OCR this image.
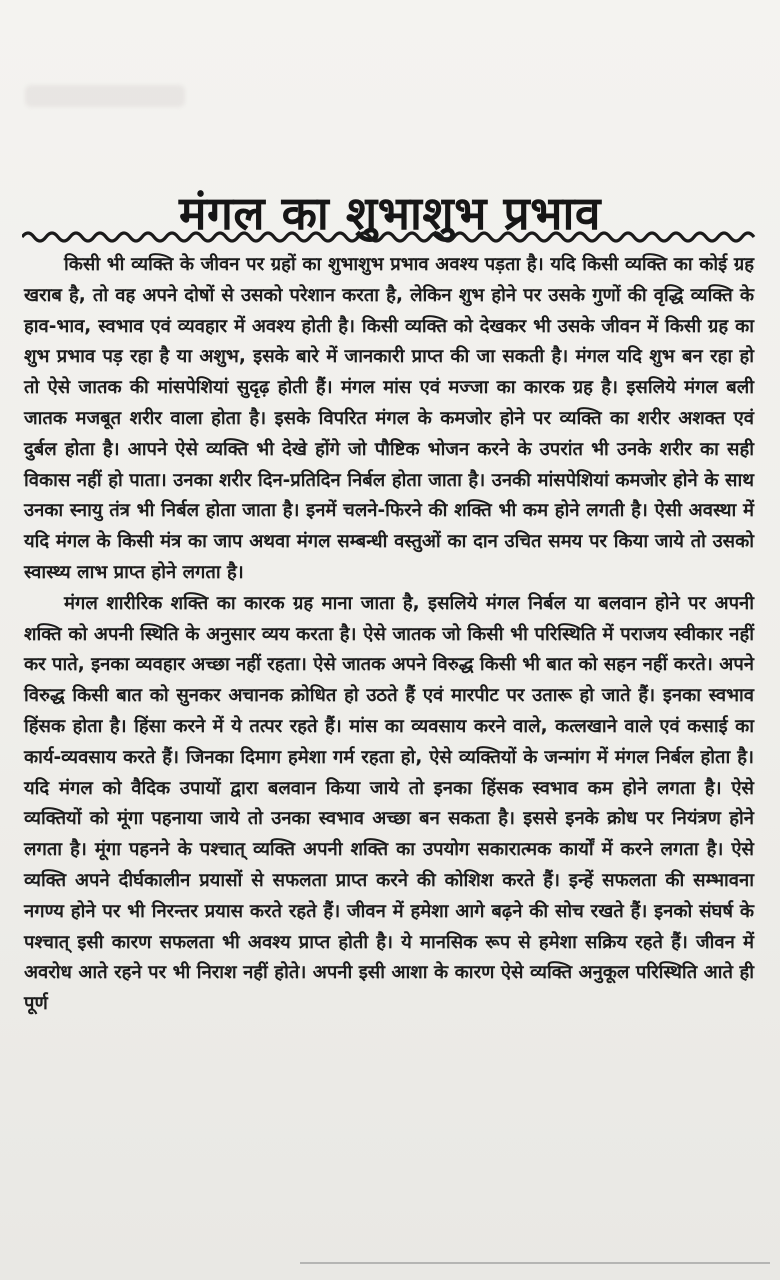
मंगल का शुभाशुभ प्रभाव

किसी भी व्यक्ति के जीवन पर ग्रहों का शुभाशुभ प्रभाव अवश्य पड़ता है। यदि किसी व्यक्ति का कोई ग्रह खराब है, तो वह अपने दोषों से उसको परेशान करता है, लेकिन शुभ होने पर उसके गुणों की वृद्धि व्यक्ति के हाव-भाव, स्वभाव एवं व्यवहार में अवश्य होती है। किसी व्यक्ति को देखकर भी उसके जीवन में किसी ग्रह का शुभ प्रभाव पड़ रहा है या अशुभ, इसके बारे में जानकारी प्राप्त की जा सकती है। मंगल यदि शुभ बन रहा हो तो ऐसे जातक की मांसपेशियां सुदृढ़ होती हैं। मंगल मांस एवं मज्जा का कारक ग्रह है। इसलिये मंगल बली जातक मजबूत शरीर वाला होता है। इसके विपरित मंगल के कमजोर होने पर व्यक्ति का शरीर अशक्त एवं दुर्बल होता है। आपने ऐसे व्यक्ति भी देखे होंगे जो पौष्टिक भोजन करने के उपरांत भी उनके शरीर का सही विकास नहीं हो पाता। उनका शरीर दिन-प्रतिदिन निर्बल होता जाता है। उनकी मांसपेशियां कमजोर होने के साथ उनका स्नायु तंत्र भी निर्बल होता जाता है। इनमें चलने-फिरने की शक्ति भी कम होने लगती है। ऐसी अवस्था में यदि मंगल के किसी मंत्र का जाप अथवा मंगल सम्बन्धी वस्तुओं का दान उचित समय पर किया जाये तो उसको स्वास्थ्य लाभ प्राप्त होने लगता है।

मंगल शारीरिक शक्ति का कारक ग्रह माना जाता है, इसलिये मंगल निर्बल या बलवान होने पर अपनी शक्ति को अपनी स्थिति के अनुसार व्यय करता है। ऐसे जातक जो किसी भी परिस्थिति में पराजय स्वीकार नहीं कर पाते, इनका व्यवहार अच्छा नहीं रहता। ऐसे जातक अपने विरुद्ध किसी भी बात को सहन नहीं करते। अपने विरुद्ध किसी बात को सुनकर अचानक क्रोधित हो उठते हैं एवं मारपीट पर उतारू हो जाते हैं। इनका स्वभाव हिंसक होता है। हिंसा करने में ये तत्पर रहते हैं। मांस का व्यवसाय करने वाले, कत्लखाने वाले एवं कसाई का कार्य-व्यवसाय करते हैं। जिनका दिमाग हमेशा गर्म रहता हो, ऐसे व्यक्तियों के जन्मांग में मंगल निर्बल होता है। यदि मंगल को वैदिक उपायों द्वारा बलवान किया जाये तो इनका हिंसक स्वभाव कम होने लगता है। ऐसे व्यक्तियों को मूंगा पहनाया जाये तो उनका स्वभाव अच्छा बन सकता है। इससे इनके क्रोध पर नियंत्रण होने लगता है। मूंगा पहनने के पश्चात् व्यक्ति अपनी शक्ति का उपयोग सकारात्मक कार्यों में करने लगता है। ऐसे व्यक्ति अपने दीर्घकालीन प्रयासों से सफलता प्राप्त करने की कोशिश करते हैं। इन्हें सफलता की सम्भावना नगण्य होने पर भी निरन्तर प्रयास करते रहते हैं। जीवन में हमेशा आगे बढ़ने की सोच रखते हैं। इनको संघर्ष के पश्चात् इसी कारण सफलता भी अवश्य प्राप्त होती है। ये मानसिक रूप से हमेशा सक्रिय रहते हैं। जीवन में अवरोध आते रहने पर भी निराश नहीं होते। अपनी इसी आशा के कारण ऐसे व्यक्ति अनुकूल परिस्थिति आते ही पूर्ण
